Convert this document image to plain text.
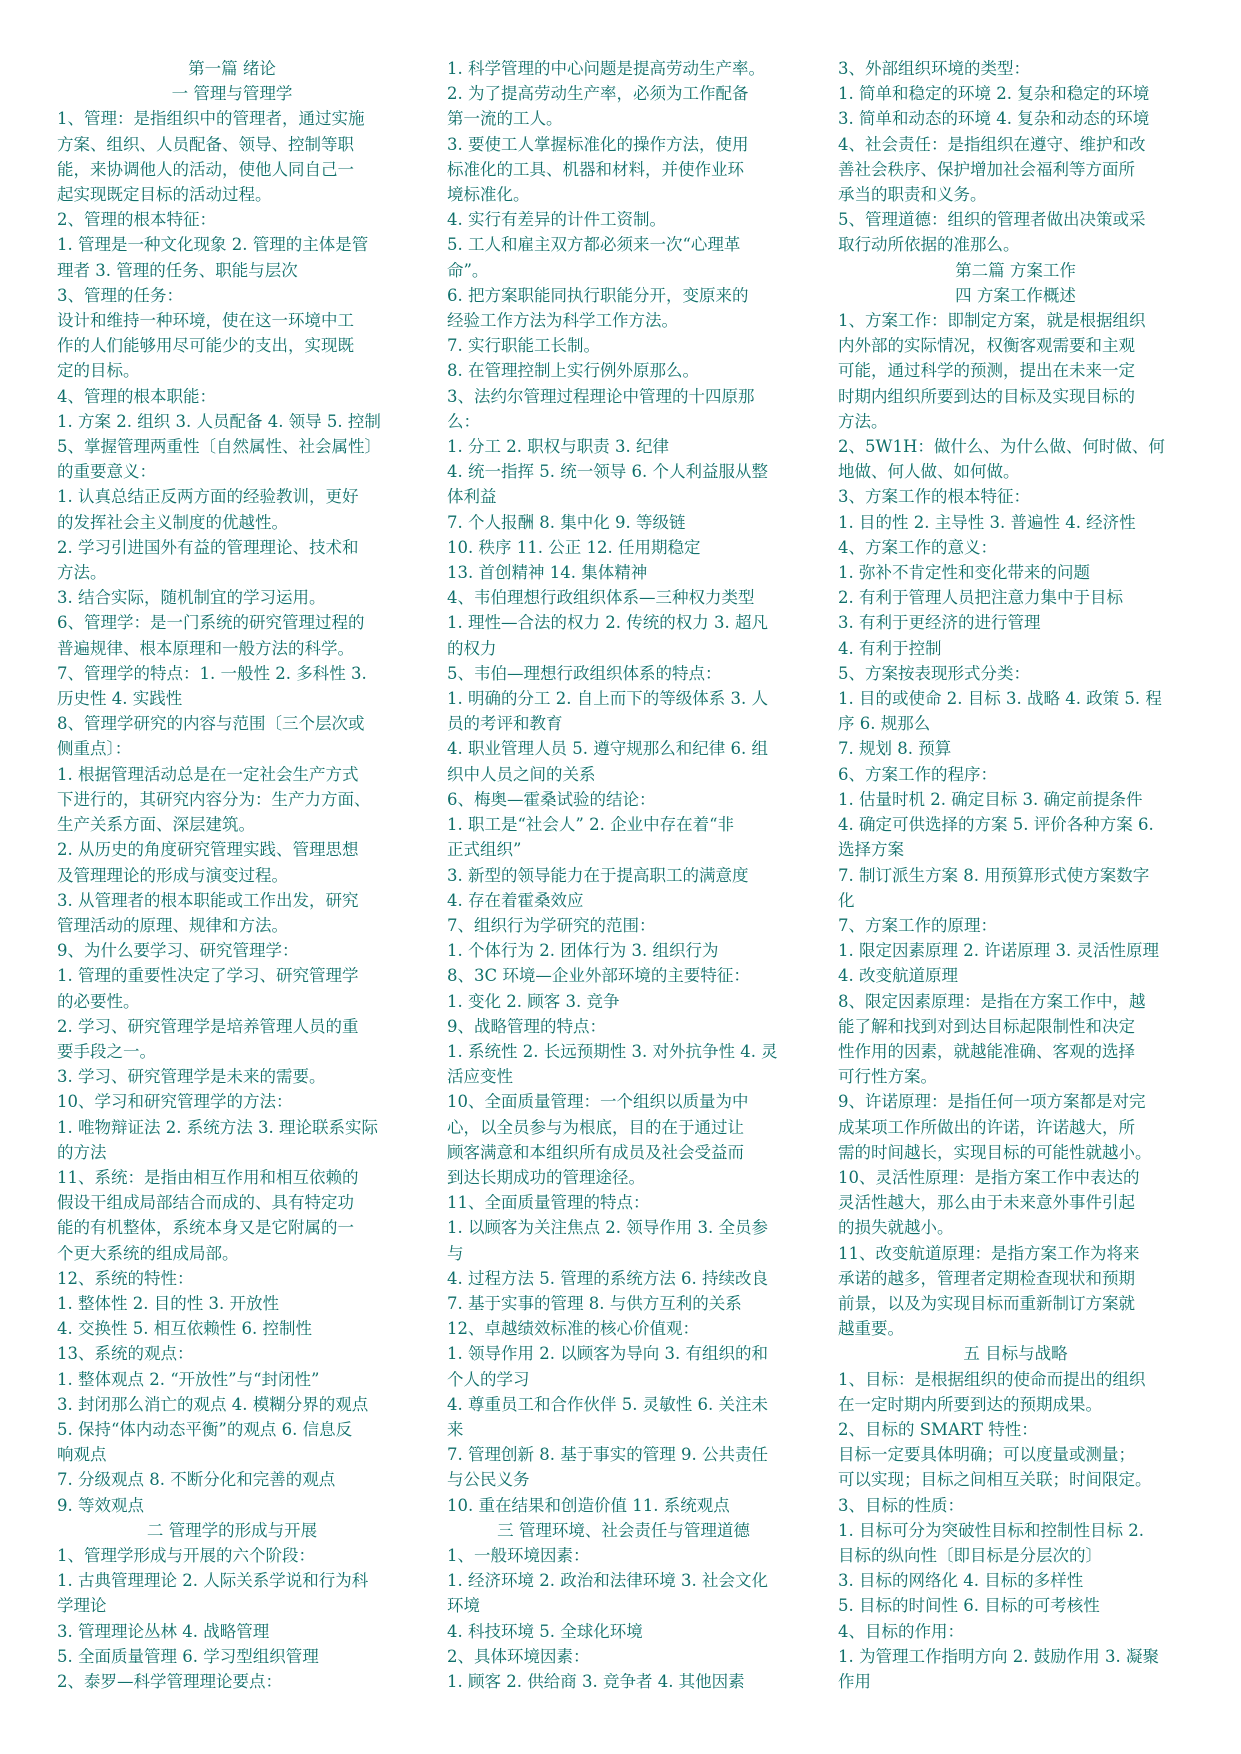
第一篇 绪论
一 管理与管理学
1、管理：是指组织中的管理者，通过实施
方案、组织、人员配备、领导、控制等职
能，来协调他人的活动，使他人同自己一
起实现既定目标的活动过程。
2、管理的根本特征：
1. 管理是一种文化现象 2. 管理的主体是管
理者 3. 管理的任务、职能与层次
3、管理的任务：
设计和维持一种环境，使在这一环境中工
作的人们能够用尽可能少的支出，实现既
定的目标。
4、管理的根本职能：
1. 方案 2. 组织 3. 人员配备 4. 领导 5. 控制
5、掌握管理两重性〔自然属性、社会属性〕
的重要意义：
1. 认真总结正反两方面的经验教训，更好
的发挥社会主义制度的优越性。
2. 学习引进国外有益的管理理论、技术和
方法。
3. 结合实际，随机制宜的学习运用。
6、管理学：是一门系统的研究管理过程的
普遍规律、根本原理和一般方法的科学。
7、管理学的特点：1. 一般性 2. 多科性 3.
历史性 4. 实践性
8、管理学研究的内容与范围〔三个层次或
侧重点〕：
1. 根据管理活动总是在一定社会生产方式
下进行的，其研究内容分为：生产力方面、
生产关系方面、深层建筑。
2. 从历史的角度研究管理实践、管理思想
及管理理论的形成与演变过程。
3. 从管理者的根本职能或工作出发，研究
管理活动的原理、规律和方法。
9、为什么要学习、研究管理学：
1. 管理的重要性决定了学习、研究管理学
的必要性。
2. 学习、研究管理学是培养管理人员的重
要手段之一。
3. 学习、研究管理学是未来的需要。
10、学习和研究管理学的方法：
1. 唯物辩证法 2. 系统方法 3. 理论联系实际
的方法
11、系统：是指由相互作用和相互依赖的
假设干组成局部结合而成的、具有特定功
能的有机整体，系统本身又是它附属的一
个更大系统的组成局部。
12、系统的特性：
1. 整体性 2. 目的性 3. 开放性
4. 交换性 5. 相互依赖性 6. 控制性
13、系统的观点：
1. 整体观点 2. “开放性”与“封闭性”
3. 封闭那么消亡的观点 4. 模糊分界的观点
5. 保持“体内动态平衡”的观点 6. 信息反
响观点
7. 分级观点 8. 不断分化和完善的观点
9. 等效观点
二 管理学的形成与开展
1、管理学形成与开展的六个阶段：
1. 古典管理理论 2. 人际关系学说和行为科
学理论
3. 管理理论丛林 4. 战略管理
5. 全面质量管理 6. 学习型组织管理
2、泰罗—科学管理理论要点：
1. 科学管理的中心问题是提高劳动生产率。
2. 为了提高劳动生产率，必须为工作配备
第一流的工人。
3. 要使工人掌握标准化的操作方法，使用
标准化的工具、机器和材料，并使作业环
境标准化。
4. 实行有差异的计件工资制。
5. 工人和雇主双方都必须来一次“心理革
命”。
6. 把方案职能同执行职能分开，变原来的
经验工作方法为科学工作方法。
7. 实行职能工长制。
8. 在管理控制上实行例外原那么。
3、法约尔管理过程理论中管理的十四原那
么：
1. 分工 2. 职权与职责 3. 纪律
4. 统一指挥 5. 统一领导 6. 个人利益服从整
体利益
7. 个人报酬 8. 集中化 9. 等级链
10. 秩序 11. 公正 12. 任用期稳定
13. 首创精神 14. 集体精神
4、韦伯理想行政组织体系—三种权力类型
1. 理性—合法的权力 2. 传统的权力 3. 超凡
的权力
5、韦伯—理想行政组织体系的特点：
1. 明确的分工 2. 自上而下的等级体系 3. 人
员的考评和教育
4. 职业管理人员 5. 遵守规那么和纪律 6. 组
织中人员之间的关系
6、梅奥—霍桑试验的结论：
1. 职工是“社会人” 2. 企业中存在着“非
正式组织”
3. 新型的领导能力在于提高职工的满意度
4. 存在着霍桑效应
7、组织行为学研究的范围：
1. 个体行为 2. 团体行为 3. 组织行为
8、3C 环境—企业外部环境的主要特征：
1. 变化 2. 顾客 3. 竞争
9、战略管理的特点：
1. 系统性 2. 长远预期性 3. 对外抗争性 4. 灵
活应变性
10、全面质量管理：一个组织以质量为中
心，以全员参与为根底，目的在于通过让
顾客满意和本组织所有成员及社会受益而
到达长期成功的管理途径。
11、全面质量管理的特点：
1. 以顾客为关注焦点 2. 领导作用 3. 全员参
与
4. 过程方法 5. 管理的系统方法 6. 持续改良
7. 基于实事的管理 8. 与供方互利的关系
12、卓越绩效标准的核心价值观：
1. 领导作用 2. 以顾客为导向 3. 有组织的和
个人的学习
4. 尊重员工和合作伙伴 5. 灵敏性 6. 关注未
来
7. 管理创新 8. 基于事实的管理 9. 公共责任
与公民义务
10. 重在结果和创造价值 11. 系统观点
三 管理环境、社会责任与管理道德
1、一般环境因素：
1. 经济环境 2. 政治和法律环境 3. 社会文化
环境
4. 科技环境 5. 全球化环境
2、具体环境因素：
1. 顾客 2. 供给商 3. 竞争者 4. 其他因素
3、外部组织环境的类型：
1. 简单和稳定的环境 2. 复杂和稳定的环境
3. 简单和动态的环境 4. 复杂和动态的环境
4、社会责任：是指组织在遵守、维护和改
善社会秩序、保护增加社会福利等方面所
承当的职责和义务。
5、管理道德：组织的管理者做出决策或采
取行动所依据的准那么。
第二篇 方案工作
四 方案工作概述
1、方案工作：即制定方案，就是根据组织
内外部的实际情况，权衡客观需要和主观
可能，通过科学的预测，提出在未来一定
时期内组织所要到达的目标及实现目标的
方法。
2、5W1H：做什么、为什么做、何时做、何
地做、何人做、如何做。
3、方案工作的根本特征：
1. 目的性 2. 主导性 3. 普遍性 4. 经济性
4、方案工作的意义：
1. 弥补不肯定性和变化带来的问题
2. 有利于管理人员把注意力集中于目标
3. 有利于更经济的进行管理
4. 有利于控制
5、方案按表现形式分类：
1. 目的或使命 2. 目标 3. 战略 4. 政策 5. 程
序 6. 规那么
7. 规划 8. 预算
6、方案工作的程序：
1. 估量时机 2. 确定目标 3. 确定前提条件
4. 确定可供选择的方案 5. 评价各种方案 6.
选择方案
7. 制订派生方案 8. 用预算形式使方案数字
化
7、方案工作的原理：
1. 限定因素原理 2. 许诺原理 3. 灵活性原理
4. 改变航道原理
8、限定因素原理：是指在方案工作中，越
能了解和找到对到达目标起限制性和决定
性作用的因素，就越能准确、客观的选择
可行性方案。
9、许诺原理：是指任何一项方案都是对完
成某项工作所做出的许诺，许诺越大，所
需的时间越长，实现目标的可能性就越小。
10、灵活性原理：是指方案工作中表达的
灵活性越大，那么由于未来意外事件引起
的损失就越小。
11、改变航道原理：是指方案工作为将来
承诺的越多，管理者定期检查现状和预期
前景，以及为实现目标而重新制订方案就
越重要。
五 目标与战略
1、目标：是根据组织的使命而提出的组织
在一定时期内所要到达的预期成果。
2、目标的 SMART 特性：
目标一定要具体明确；可以度量或测量；
可以实现；目标之间相互关联；时间限定。
3、目标的性质：
1. 目标可分为突破性目标和控制性目标 2.
目标的纵向性〔即目标是分层次的〕
3. 目标的网络化 4. 目标的多样性
5. 目标的时间性 6. 目标的可考核性
4、目标的作用：
1. 为管理工作指明方向 2. 鼓励作用 3. 凝聚
作用
